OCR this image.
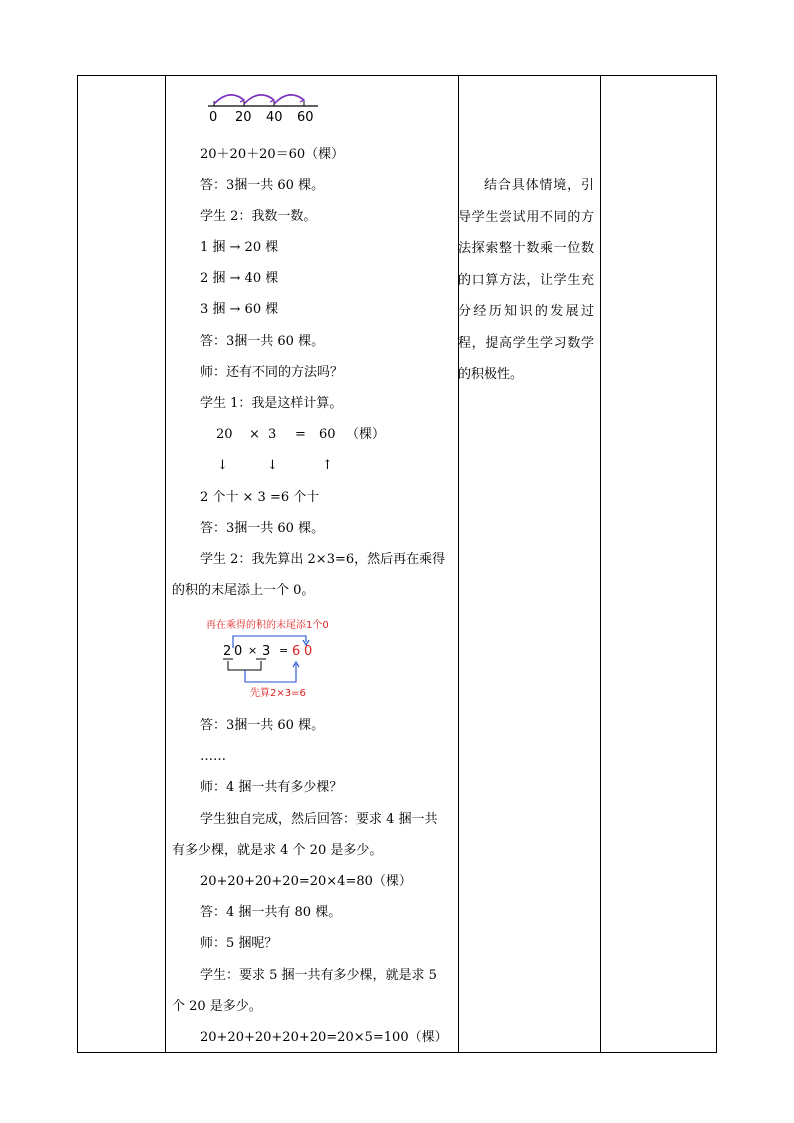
0 20 40 60
20＋20＋20＝60（棵）
答：3捆一共 60 棵。
学生 2：我数一数。
1 捆 → 20 棵
2 捆 → 40 棵
3 捆 → 60 棵
答：3捆一共 60 棵。
师：还有不同的方法吗？
学生 1：我是这样计算。
20 × 3 = 60 （棵）
↓	↓	↑
2 个十 × 3 =6 个十
答：3捆一共 60 棵。
学生 2：我先算出 2×3=6，然后再在乘得
的积的末尾添上一个 0。
再在乘得的积的末尾添1个0
2 0 × 3 = 6 0
先算2×3=6
答：3捆一共 60 棵。
……
师：4 捆一共有多少棵？
学生独自完成，然后回答：要求 4 捆一共
有多少棵，就是求 4 个 20 是多少。
20+20+20+20=20×4=80（棵）
答：4 捆一共有 80 棵。
师：5 捆呢？
学生：要求 5 捆一共有多少棵，就是求 5
个 20 是多少。
20+20+20+20+20=20×5=100（棵）

结合具体情境，引导学生尝试用不同的方法探索整十数乘一位数的口算方法，让学生充分经历知识的发展过程，提高学生学习数学的积极性。
